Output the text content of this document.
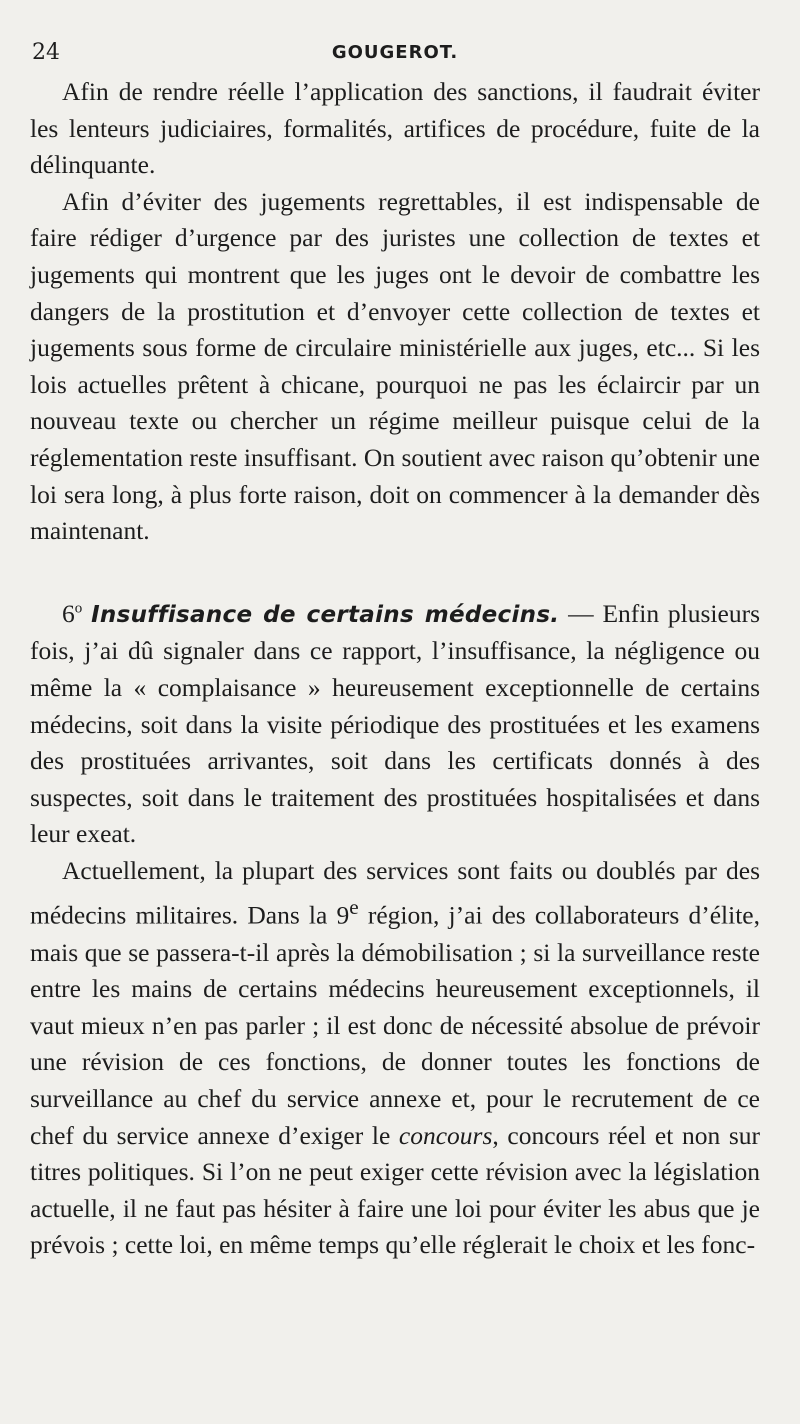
24	GOUGEROT.

Afin de rendre réelle l’application des sanctions, il faudrait éviter les lenteurs judiciaires, formalités, artifices de procédure, fuite de la délinquante.

Afin d’éviter des jugements regrettables, il est indispensable de faire rédiger d’urgence par des juristes une collection de textes et jugements qui montrent que les juges ont le devoir de combattre les dangers de la prostitution et d’envoyer cette collection de textes et jugements sous forme de circulaire ministérielle aux juges, etc... Si les lois actuelles prêtent à chicane, pourquoi ne pas les éclaircir par un nouveau texte ou chercher un régime meilleur puisque celui de la réglementation reste insuffisant. On soutient avec raison qu’obtenir une loi sera long, à plus forte raison, doit on commencer à la demander dès maintenant.

6$^o$ Insuffisance de certains médecins. — Enfin plusieurs fois, j’ai dû signaler dans ce rapport, l’insuffisance, la négligence ou même la « complaisance » heureusement exceptionnelle de certains médecins, soit dans la visite périodique des prostituées et les examens des prostituées arrivantes, soit dans les certificats donnés à des suspectes, soit dans le traitement des prostituées hospitalisées et dans leur exeat.

Actuellement, la plupart des services sont faits ou doublés par des médecins militaires. Dans la 9e région, j’ai des collaborateurs d’élite, mais que se passera-t-il après la démobilisation ; si la surveillance reste entre les mains de certains médecins heureusement exceptionnels, il vaut mieux n’en pas parler ; il est donc de nécessité absolue de prévoir une révision de ces fonctions, de donner toutes les fonctions de surveillance au chef du service annexe et, pour le recrutement de ce chef du service annexe d’exiger le concours, concours réel et non sur titres politiques. Si l’on ne peut exiger cette révision avec la législation actuelle, il ne faut pas hésiter à faire une loi pour éviter les abus que je prévois ; cette loi, en même temps qu’elle réglerait le choix et les fonc-
